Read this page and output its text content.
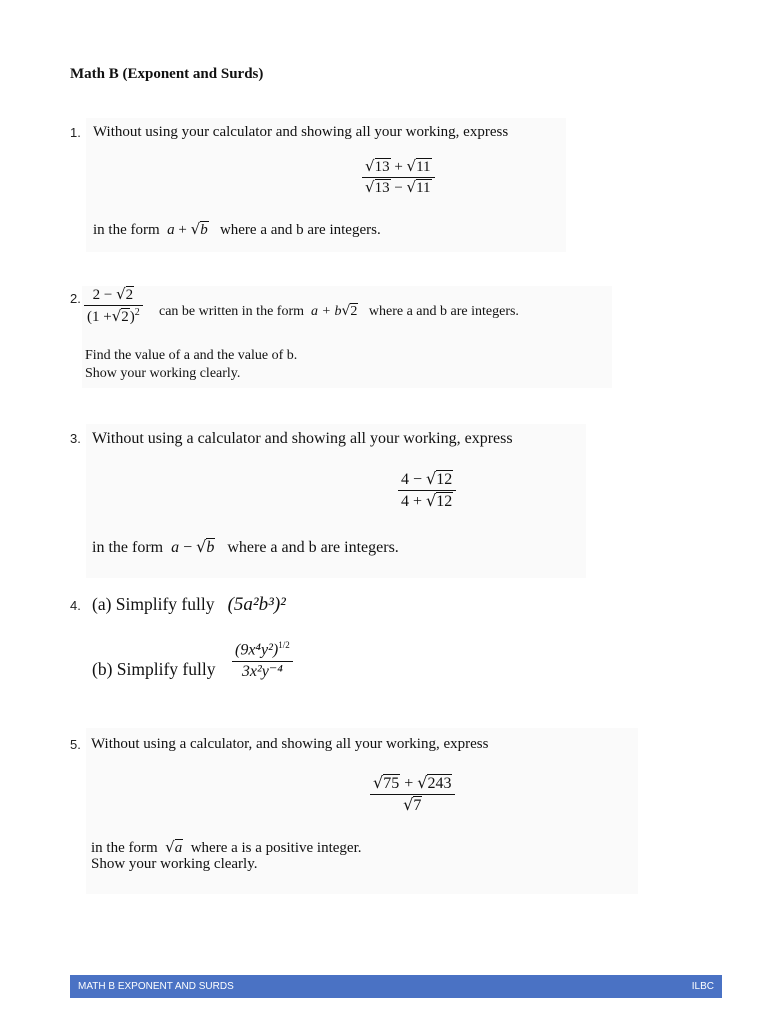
Math B (Exponent and Surds)
1. Without using your calculator and showing all your working, express
$\frac{√13 + √11}{√13 - √11}$
in the form a + √b where a and b are integers.
2. $\frac{2 - √2}{(1 +√2)^2}$ can be written in the form a + b√2 where a and b are integers.
Find the value of a and the value of b.
Show your working clearly.
3. Without using a calculator and showing all your working, express
$\frac{4 - √12}{4 + √12}$
in the form a − √b where a and b are integers.
4. (a) Simplify fully (5a²b³)²
(b) Simplify fully $\frac{(9x^4y^2)^{1/2}}{\text{3x²y⁻⁴}}$
5. Without using a calculator, and showing all your working, express
$\frac{√75 + √243}{√7}$
in the form √a where a is a positive integer.
Show your working clearly.
MATH B EXPONENT AND SURDS	ILBC
